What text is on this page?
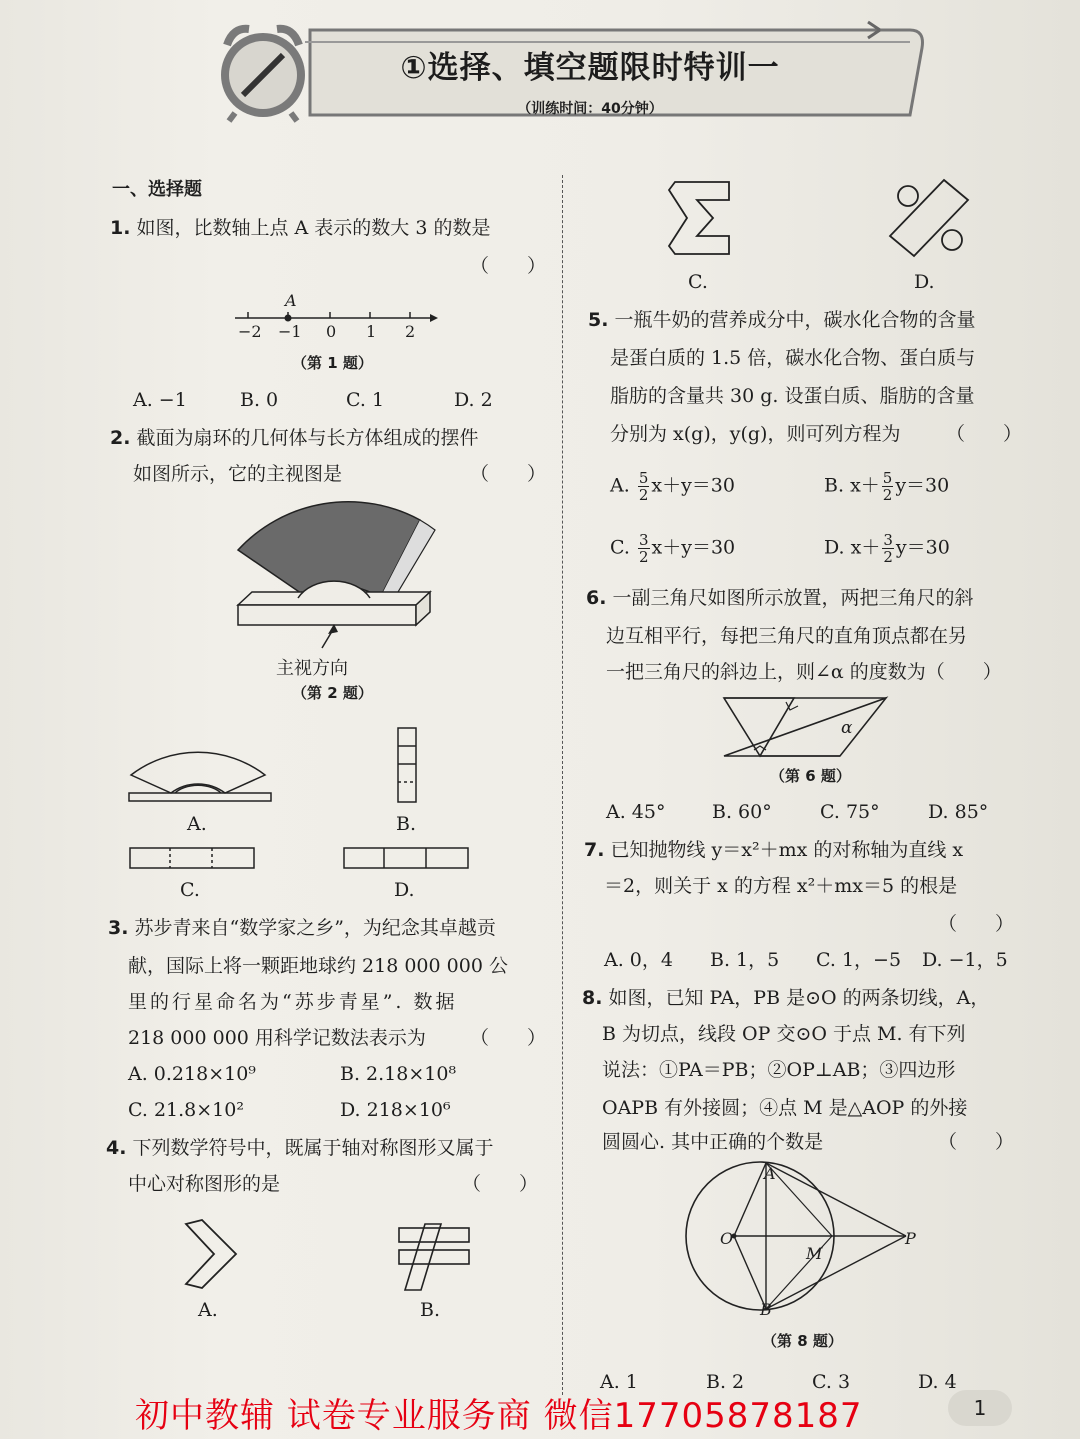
①选择、填空题限时特训一
（训练时间：40分钟）
一、选择题
1. 如图，比数轴上点 A 表示的数大 3 的数是
（　　）
A
−2 −1 0 1 2
（第 1 题）
A. −1	B. 0	C. 1	D. 2
2. 截面为扇环的几何体与长方体组成的摆件
如图所示，它的主视图是	（　　）
主视方向
（第 2 题）
A.	B.
C.	D.
3. 苏步青来自“数学家之乡”，为纪念其卓越贡
献，国际上将一颗距地球约 218 000 000 公
里的行星命名为“苏步青星”. 数据
218 000 000 用科学记数法表示为 （　　）
A. 0.218×10⁹	B. 2.18×10⁸
C. 21.8×10²	D. 218×10⁶
4. 下列数学符号中，既属于轴对称图形又属于
中心对称图形的是	（　　）
A.	B.
C.	D.
5. 一瓶牛奶的营养成分中，碳水化合物的含量
是蛋白质的 1.5 倍，碳水化合物、蛋白质与
脂肪的含量共 30 g. 设蛋白质、脂肪的含量
分别为 x(g)，y(g)，则可列方程为 （　　）
A. $\frac{5}{2} x+y=30$	B. $x+ \frac{5}{2} y=30$
C. $\frac{3}{2} x+y=30$	D. $x+ \frac{3}{2} y=30$
6. 一副三角尺如图所示放置，两把三角尺的斜
边互相平行，每把三角尺的直角顶点都在另
一把三角尺的斜边上，则∠α 的度数为（　　）
α
（第 6 题）
A. 45° B. 60°	C. 75°	D. 85°
7. 已知抛物线 y＝x²＋mx 的对称轴为直线 x
＝2，则关于 x 的方程 x²＋mx＝5 的根是
（　　）
A. 0，4 B. 1，5 C. 1，−5 D. −1，5
8. 如图，已知 PA，PB 是⊙O 的两条切线，A，
B 为切点，线段 OP 交⊙O 于点 M. 有下列
说法：①PA＝PB；②OP⊥AB；③四边形
OAPB 有外接圆；④点 M 是△AOP 的外接
圆圆心. 其中正确的个数是	（　　）
A
O
M
P
B
（第 8 题）
A. 1	B. 2	C. 3	D. 4
初中教辅 试卷专业服务商 微信17705878187	1
